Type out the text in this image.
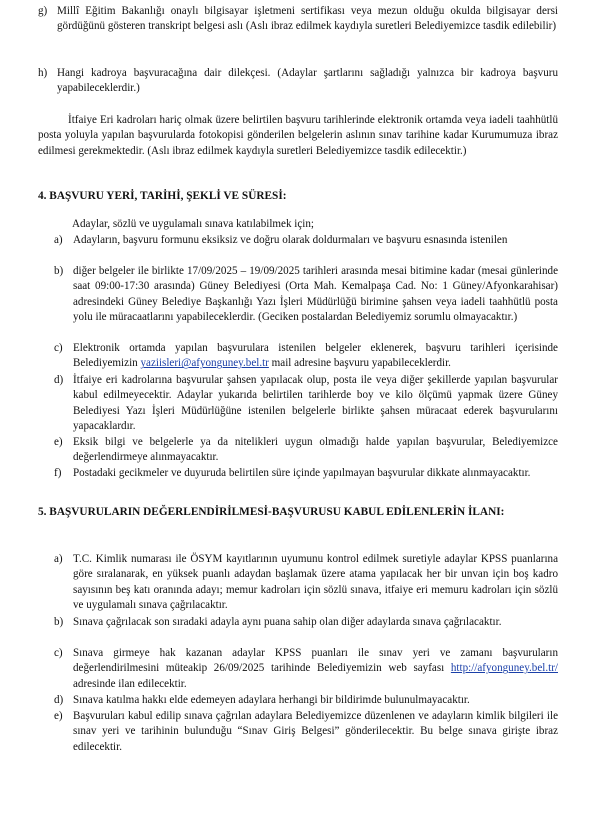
g) Millî Eğitim Bakanlığı onaylı bilgisayar işletmeni sertifikası veya mezun olduğu okulda bilgisayar dersi gördüğünü gösteren transkript belgesi aslı (Aslı ibraz edilmek kaydıyla suretleri Belediyemizce tasdik edilebilir)
h) Hangi kadroya başvuracağına dair dilekçesi. (Adaylar şartlarını sağladığı yalnızca bir kadroya başvuru yapabileceklerdir.)
İtfaiye Eri kadroları hariç olmak üzere belirtilen başvuru tarihlerinde elektronik ortamda veya iadeli taahhütlü posta yoluyla yapılan başvurularda fotokopisi gönderilen belgelerin aslının sınav tarihine kadar Kurumumuza ibraz edilmesi gerekmektedir. (Aslı ibraz edilmek kaydıyla suretleri Belediyemizce tasdik edilecektir.)
4. BAŞVURU YERİ, TARİHİ, ŞEKLİ VE SÜRESİ:
Adaylar, sözlü ve uygulamalı sınava katılabilmek için;
a) Adayların, başvuru formunu eksiksiz ve doğru olarak doldurmaları ve başvuru esnasında istenilen
b) diğer belgeler ile birlikte 17/09/2025 – 19/09/2025 tarihleri arasında mesai bitimine kadar (mesai günlerinde saat 09:00-17:30 arasında) Güney Belediyesi (Orta Mah. Kemalpaşa Cad. No: 1 Güney/Afyonkarahisar) adresindeki Güney Belediye Başkanlığı Yazı İşleri Müdürlüğü birimine şahsen veya iadeli taahhütlü posta yolu ile müracaatlarını yapabileceklerdir. (Geciken postalardan Belediyemiz sorumlu olmayacaktır.)
c) Elektronik ortamda yapılan başvurulara istenilen belgeler eklenerek, başvuru tarihleri içerisinde Belediyemizin yaziisleri@afyonguney.bel.tr mail adresine başvuru yapabileceklerdir.
d) İtfaiye eri kadrolarına başvurular şahsen yapılacak olup, posta ile veya diğer şekillerde yapılan başvurular kabul edilmeyecektir. Adaylar yukarıda belirtilen tarihlerde boy ve kilo ölçümü yapmak üzere Güney Belediyesi Yazı İşleri Müdürlüğüne istenilen belgelerle birlikte şahsen müracaat ederek başvurularını yapacaklardır.
e) Eksik bilgi ve belgelerle ya da nitelikleri uygun olmadığı halde yapılan başvurular, Belediyemizce değerlendirmeye alınmayacaktır.
f)	Postadaki gecikmeler ve duyuruda belirtilen süre içinde yapılmayan başvurular dikkate alınmayacaktır.
5. BAŞVURULARIN DEĞERLENDİRİLMESİ-BAŞVURUSU KABUL EDİLENLERİN İLANI:
a) T.C. Kimlik numarası ile ÖSYM kayıtlarının uyumunu kontrol edilmek suretiyle adaylar KPSS puanlarına göre sıralanarak, en yüksek puanlı adaydan başlamak üzere atama yapılacak her bir unvan için boş kadro sayısının beş katı oranında adayı; memur kadroları için sözlü sınava, itfaiye eri memuru kadroları için sözlü ve uygulamalı sınava çağrılacaktır.
b) Sınava çağrılacak son sıradaki adayla aynı puana sahip olan diğer adaylarda sınava çağrılacaktır.
c) Sınava girmeye hak kazanan adaylar KPSS puanları ile sınav yeri ve zamanı başvuruların değerlendirilmesini müteakip 26/09/2025 tarihinde Belediyemizin web sayfası http://afyonguney.bel.tr/ adresinde ilan edilecektir.
d) Sınava katılma hakkı elde edemeyen adaylara herhangi bir bildirimde bulunulmayacaktır.
e) Başvuruları kabul edilip sınava çağrılan adaylara Belediyemizce düzenlenen ve adayların kimlik bilgileri ile sınav yeri ve tarihinin bulunduğu “Sınav Giriş Belgesi” gönderilecektir. Bu belge sınava girişte ibraz edilecektir.
